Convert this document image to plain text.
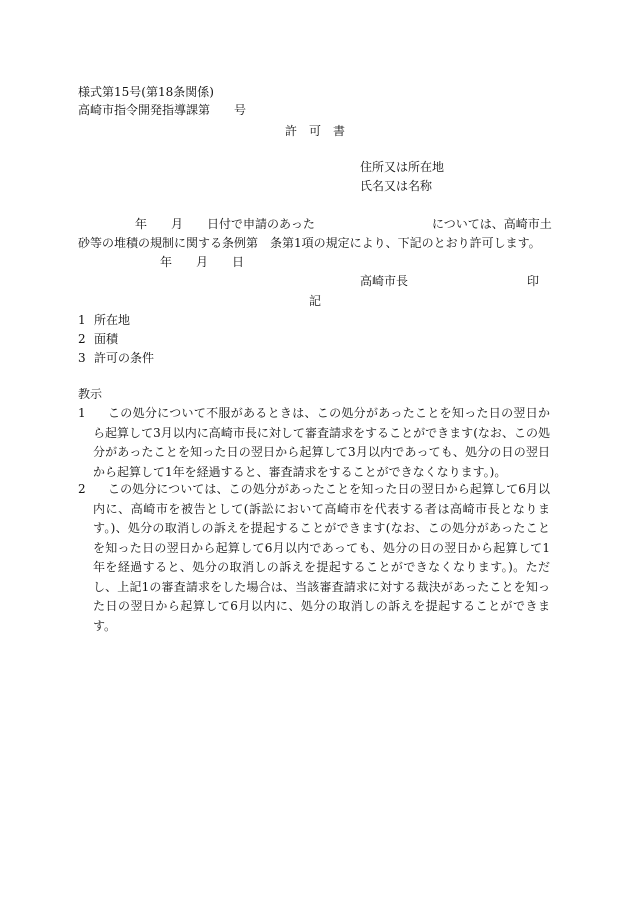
様式第15号(第18条関係)
高崎市指令開発指導課第　　号
許　可　書
住所又は所在地
氏名又は名称
年　　月　　日付で申請のあった	については、高崎市土
砂等の堆積の規制に関する条例第　条第1項の規定により、下記のとおり許可します。
年　　月　　日
高崎市長	印
記
1 所在地
2 面積
3 許可の条件
教示
1	この処分について不服があるときは、この処分があったことを知った日の翌日から起算して3月以内に高崎市長に対して審査請求をすることができます(なお、この処分があったことを知った日の翌日から起算して3月以内であっても、処分の日の翌日から起算して1年を経過すると、審査請求をすることができなくなります。)。
2	この処分については、この処分があったことを知った日の翌日から起算して6月以内に、高崎市を被告として(訴訟において高崎市を代表する者は高崎市長となります。)、処分の取消しの訴えを提起することができます(なお、この処分があったことを知った日の翌日から起算して6月以内であっても、処分の日の翌日から起算して1年を経過すると、処分の取消しの訴えを提起することができなくなります。)。ただし、上記1の審査請求をした場合は、当該審査請求に対する裁決があったことを知った日の翌日から起算して6月以内に、処分の取消しの訴えを提起することができます。
